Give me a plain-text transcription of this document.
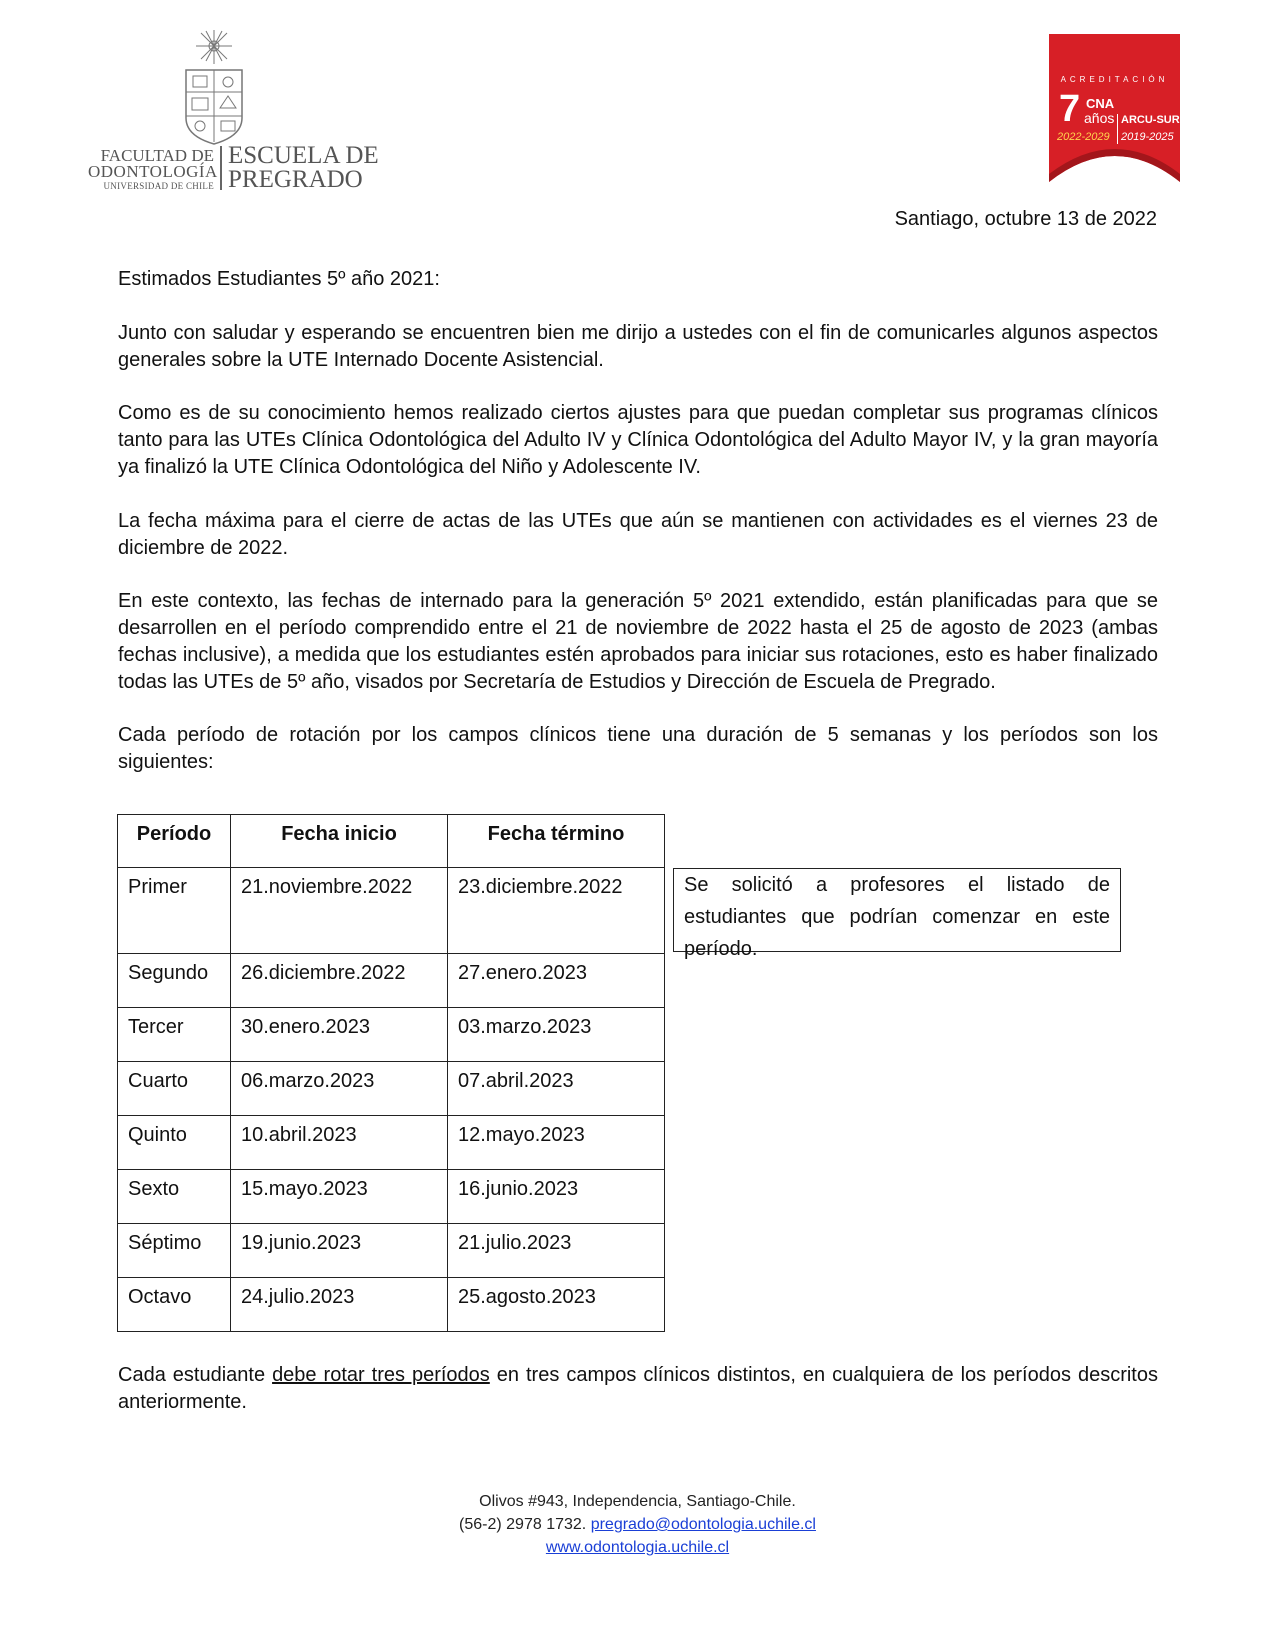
FACULTAD DE
ODONTOLOGÍA
UNIVERSIDAD DE CHILE
ESCUELA DE
PREGRADO
ACREDITACIÓN
7 CNA
años
2022-2029
ARCU-SUR
2019-2025
Santiago, octubre 13 de 2022

Estimados Estudiantes 5º año 2021:

Junto con saludar y esperando se encuentren bien me dirijo a ustedes con el fin de comunicarles algunos aspectos generales sobre la UTE Internado Docente Asistencial.

Como es de su conocimiento hemos realizado ciertos ajustes para que puedan completar sus programas clínicos tanto para las UTEs Clínica Odontológica del Adulto IV y Clínica Odontológica del Adulto Mayor IV, y la gran mayoría ya finalizó la UTE Clínica Odontológica del Niño y Adolescente IV.

La fecha máxima para el cierre de actas de las UTEs que aún se mantienen con actividades es el viernes 23 de diciembre de 2022.

En este contexto, las fechas de internado para la generación 5º 2021 extendido, están planificadas para que se desarrollen en el período comprendido entre el 21 de noviembre de 2022 hasta el 25 de agosto de 2023 (ambas fechas inclusive), a medida que los estudiantes estén aprobados para iniciar sus rotaciones, esto es haber finalizado todas las UTEs de 5º año, visados por Secretaría de Estudios y Dirección de Escuela de Pregrado.

Cada período de rotación por los campos clínicos tiene una duración de 5 semanas y los períodos son los siguientes:

Período	Fecha inicio	Fecha término
Primer	21.noviembre.2022	23.diciembre.2022
Segundo	26.diciembre.2022	27.enero.2023
Tercer	30.enero.2023	03.marzo.2023
Cuarto	06.marzo.2023	07.abril.2023
Quinto	10.abril.2023	12.mayo.2023
Sexto	15.mayo.2023	16.junio.2023
Séptimo	19.junio.2023	21.julio.2023
Octavo	24.julio.2023	25.agosto.2023
Se solicitó a profesores el listado de estudiantes que podrían comenzar en este período.

Cada estudiante debe rotar tres períodos en tres campos clínicos distintos, en cualquiera de los períodos descritos anteriormente.

Olivos #943, Independencia, Santiago-Chile.
(56-2) 2978 1732. pregrado@odontologia.uchile.cl
www.odontologia.uchile.cl
